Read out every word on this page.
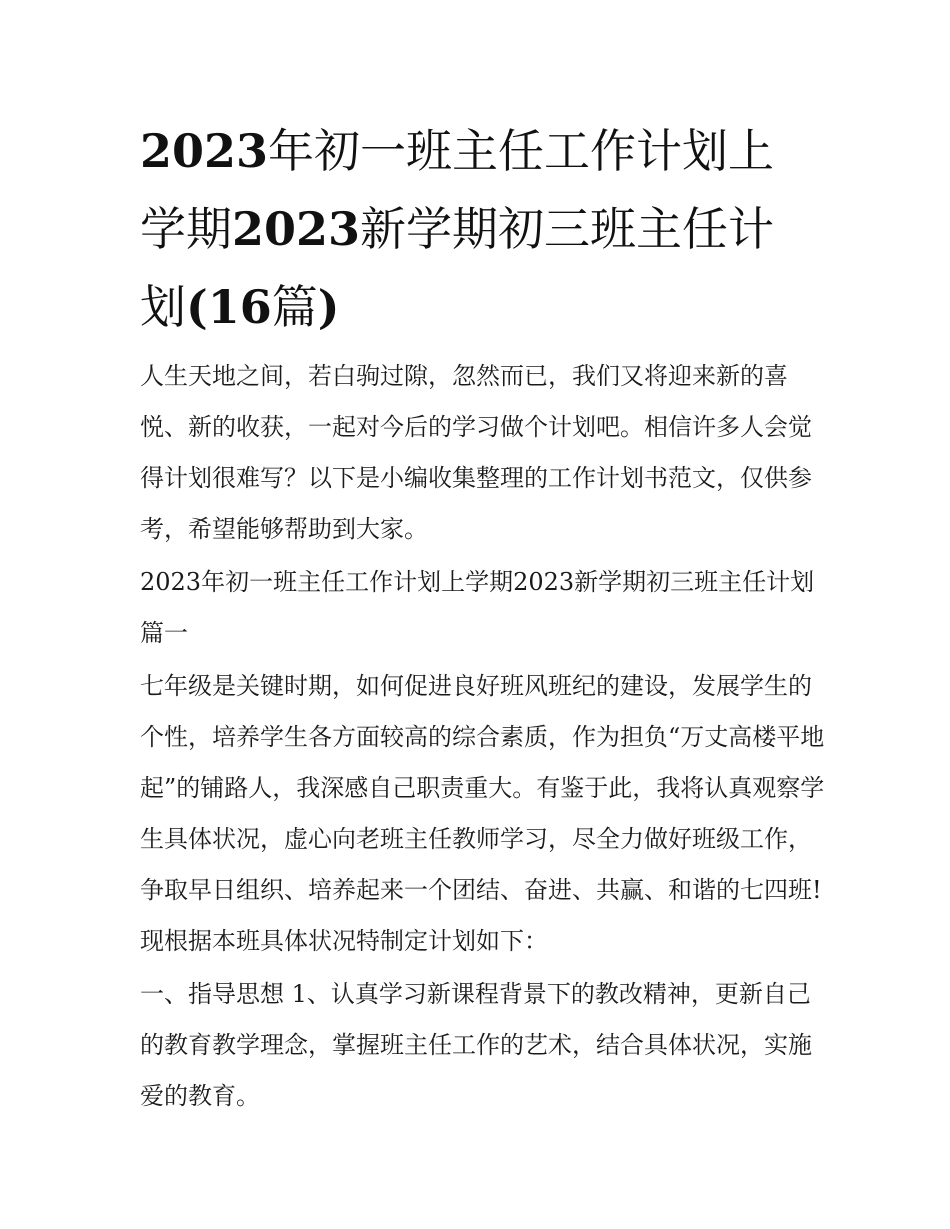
2023年初一班主任工作计划上学期2023新学期初三班主任计划(16篇)

人生天地之间，若白驹过隙，忽然而已，我们又将迎来新的喜悦、新的收获，一起对今后的学习做个计划吧。相信许多人会觉得计划很难写？以下是小编收集整理的工作计划书范文，仅供参考，希望能够帮助到大家。

2023年初一班主任工作计划上学期2023新学期初三班主任计划篇一

七年级是关键时期，如何促进良好班风班纪的建设，发展学生的个性，培养学生各方面较高的综合素质，作为担负“万丈高楼平地起”的铺路人，我深感自己职责重大。有鉴于此，我将认真观察学生具体状况，虚心向老班主任教师学习，尽全力做好班级工作，争取早日组织、培养起来一个团结、奋进、共赢、和谐的七四班!现根据本班具体状况特制定计划如下：

一、指导思想 1、认真学习新课程背景下的教改精神，更新自己的教育教学理念，掌握班主任工作的艺术，结合具体状况，实施爱的教育。
